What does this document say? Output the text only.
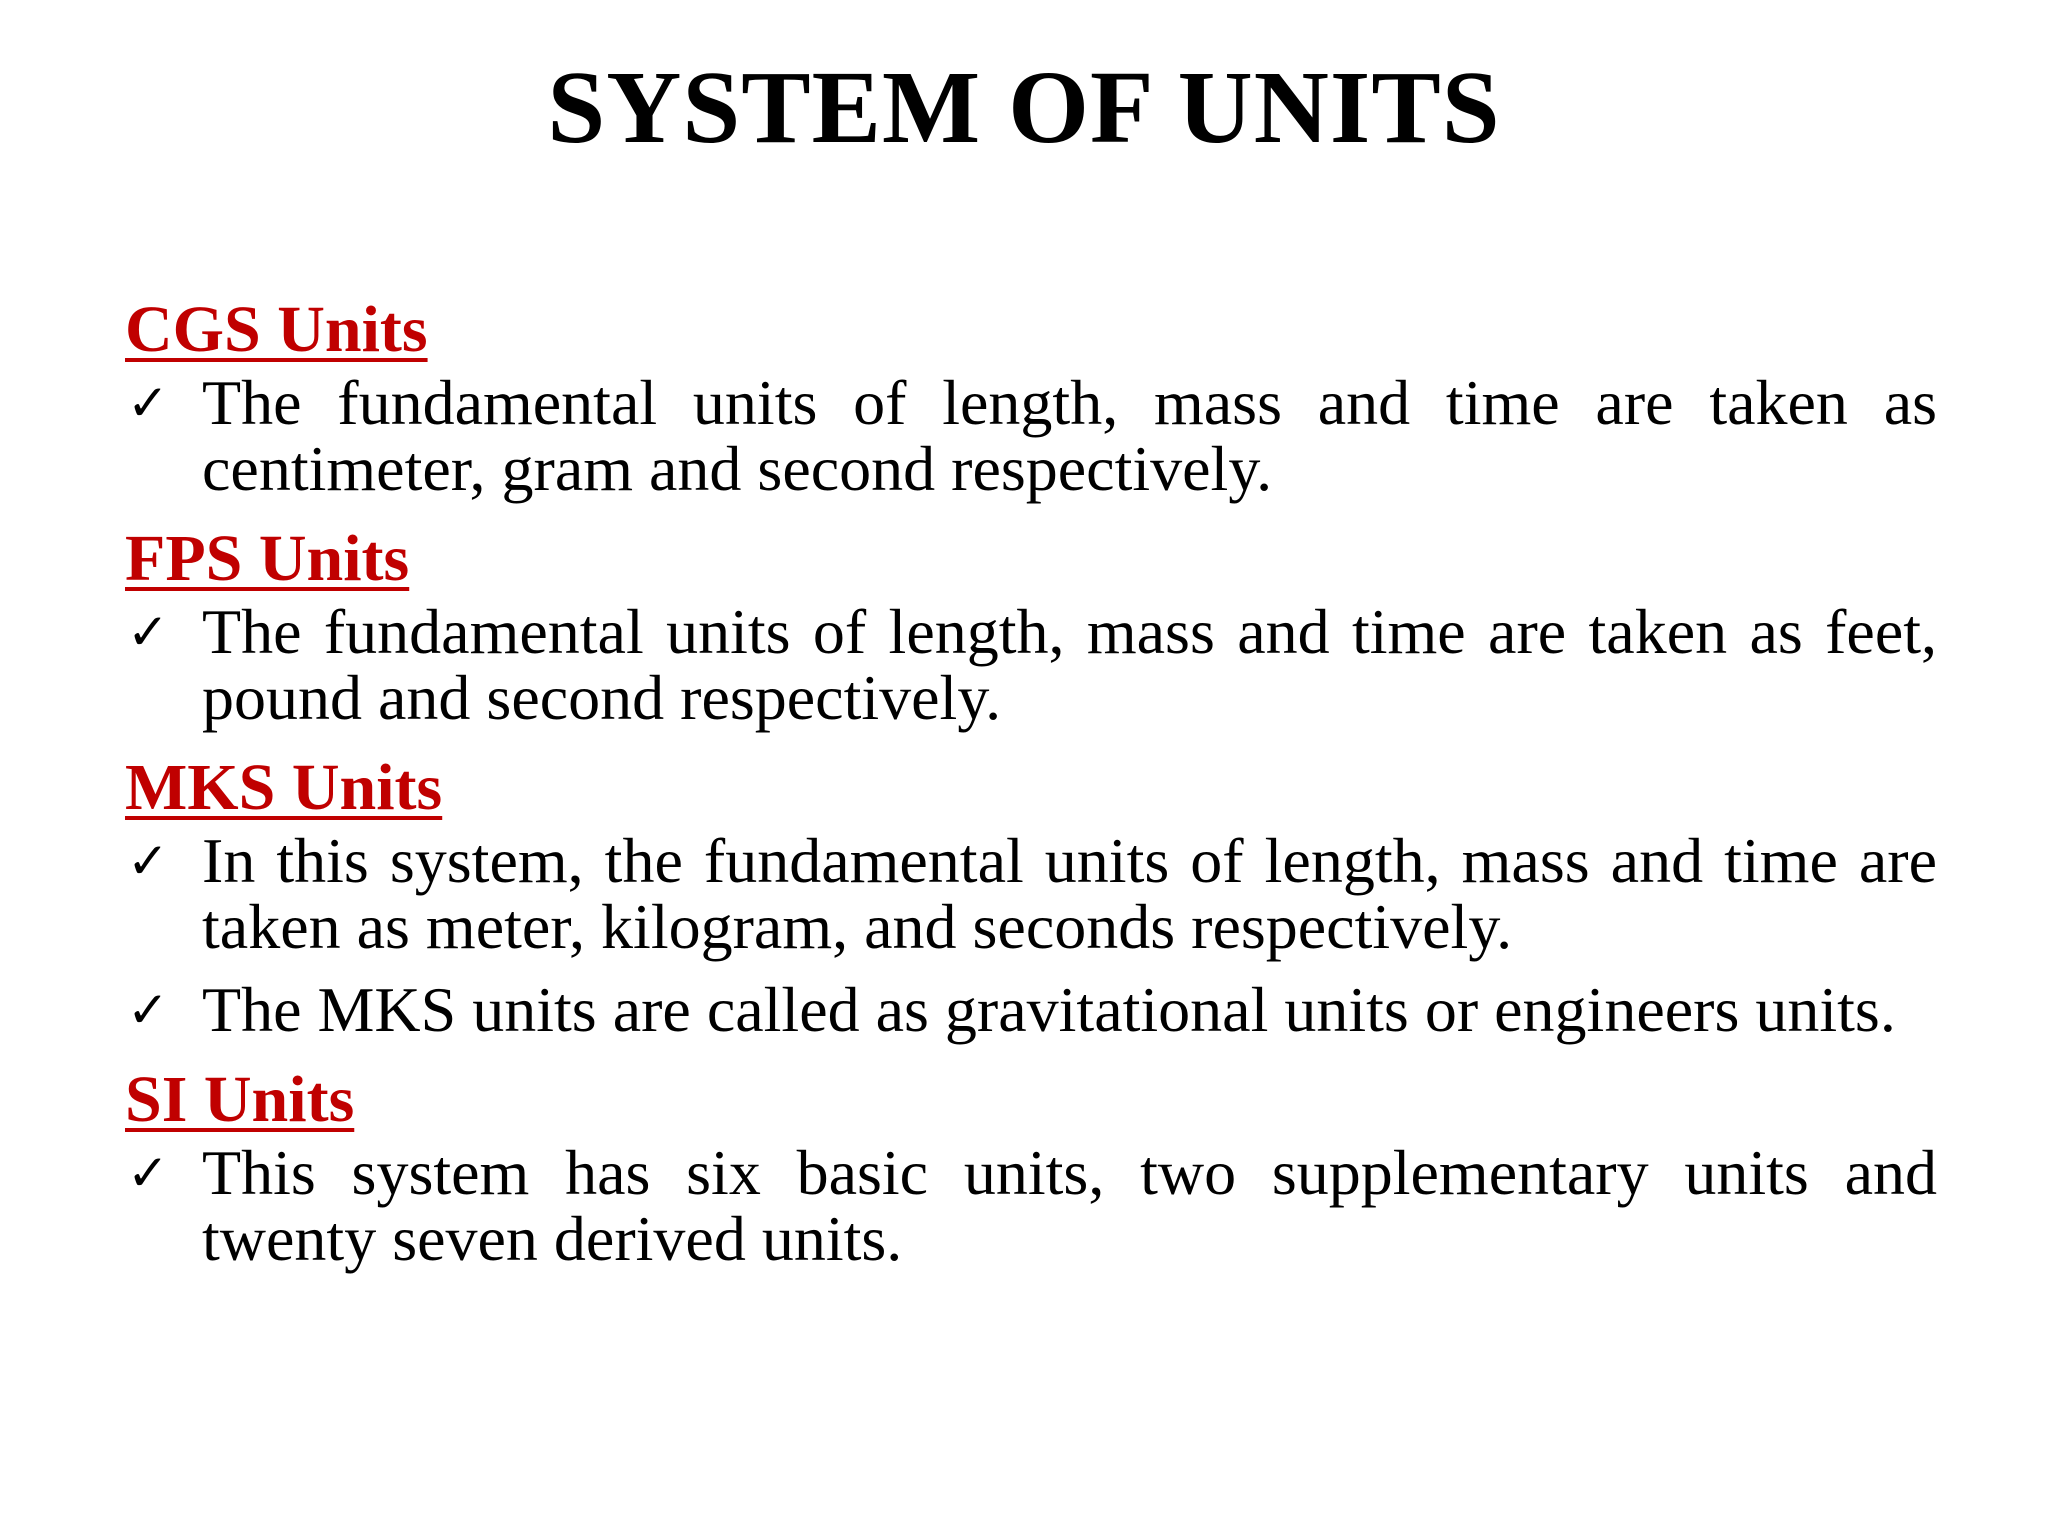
SYSTEM OF UNITS
CGS Units
✓ The fundamental units of length, mass and time are taken as centimeter, gram and second respectively.
FPS Units
✓ The fundamental units of length, mass and time are taken as feet, pound and second respectively.
MKS Units
✓ In this system, the fundamental units of length, mass and time are taken as meter, kilogram, and seconds respectively.
✓ The MKS units are called as gravitational units or engineers units.
SI Units
✓ This system has six basic units, two supplementary units and twenty seven derived units.
